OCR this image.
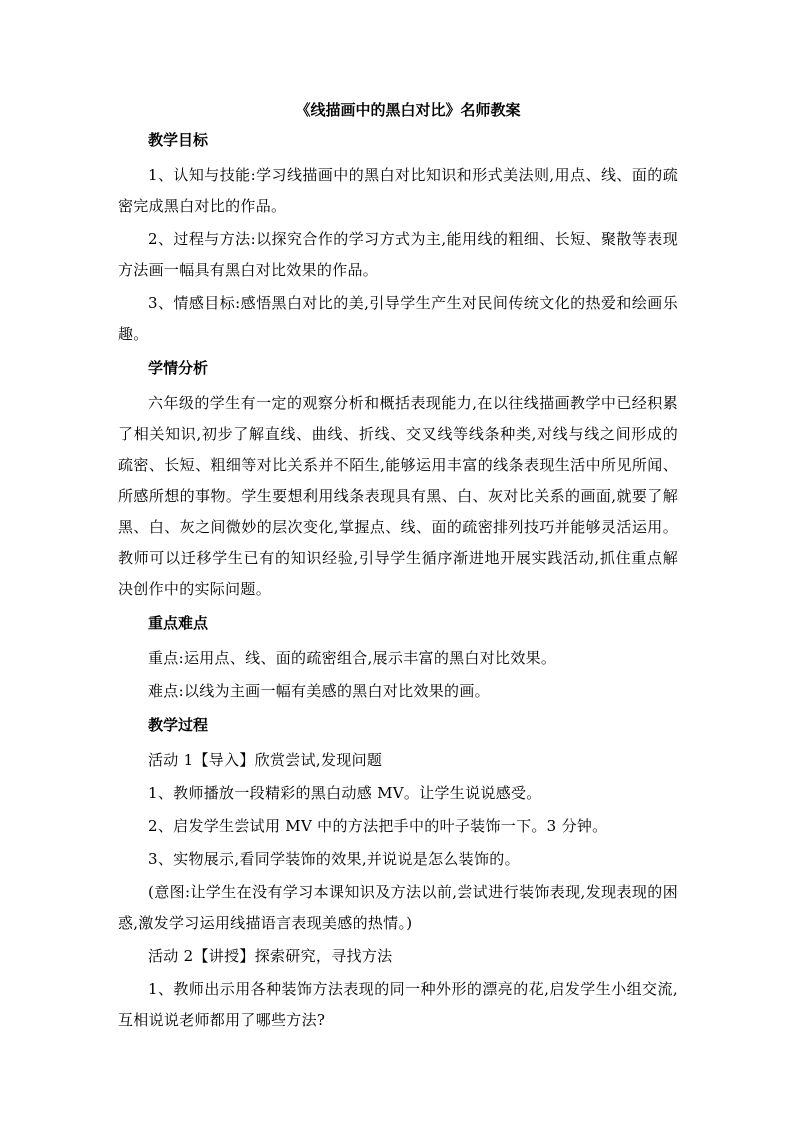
《线描画中的黑白对比》名师教案
教学目标

1、认知与技能:学习线描画中的黑白对比知识和形式美法则,用点、线、面的疏密完成黑白对比的作品。

2、过程与方法:以探究合作的学习方式为主,能用线的粗细、长短、聚散等表现方法画一幅具有黑白对比效果的作品。

3、情感目标:感悟黑白对比的美,引导学生产生对民间传统文化的热爱和绘画乐趣。

学情分析

六年级的学生有一定的观察分析和概括表现能力,在以往线描画教学中已经积累了相关知识,初步了解直线、曲线、折线、交叉线等线条种类,对线与线之间形成的疏密、长短、粗细等对比关系并不陌生,能够运用丰富的线条表现生活中所见所闻、所感所想的事物。学生要想利用线条表现具有黑、白、灰对比关系的画面,就要了解黑、白、灰之间微妙的层次变化,掌握点、线、面的疏密排列技巧并能够灵活运用。教师可以迁移学生已有的知识经验,引导学生循序渐进地开展实践活动,抓住重点解决创作中的实际问题。

重点难点

重点:运用点、线、面的疏密组合,展示丰富的黑白对比效果。

难点:以线为主画一幅有美感的黑白对比效果的画。

教学过程

活动 1【导入】欣赏尝试,发现问题

1、教师播放一段精彩的黑白动感 MV。让学生说说感受。

2、启发学生尝试用 MV 中的方法把手中的叶子装饰一下。3 分钟。

3、实物展示,看同学装饰的效果,并说说是怎么装饰的。

(意图:让学生在没有学习本课知识及方法以前,尝试进行装饰表现,发现表现的困惑,激发学习运用线描语言表现美感的热情。)

活动 2【讲授】探索研究，寻找方法

1、教师出示用各种装饰方法表现的同一种外形的漂亮的花,启发学生小组交流,互相说说老师都用了哪些方法?
